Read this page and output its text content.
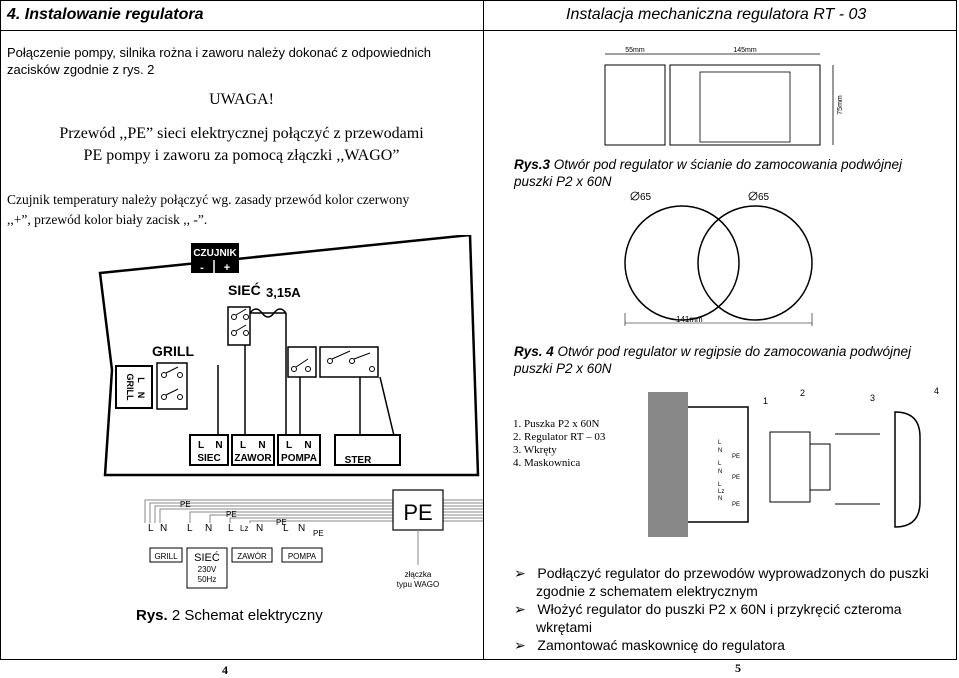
4. Instalowanie regulatora
Połączenie pompy, silnika rożna i zaworu należy dokonać z odpowiednich
zacisków zgodnie z rys. 2
UWAGA!
Przewód ,,PE” sieci elektrycznej połączyć z przewodami
PE pompy i zaworu za pomocą złączki ,,WAGO”
Czujnik temperatury należy połączyć wg. zasady przewód kolor czerwony
,,+”, przewód kolor biały zacisk ,, -”.
CZUJNIK
- +
SIEĆ 3,15A
GRILL
GRILL L
N
L N
SIEC
L N
ZAWOR
L N
POMPA	STER
PE
PE
PE
PE
L N L N L Lz N L N
PE
GRILL SIEĆ
230V
50Hz
ZAWÓR	POMPA
złączka
typu WAGO
Rys. 2 Schemat elektryczny
4
Instalacja mechaniczna regulatora RT - 03
55mm	145mm
75mm
Rys.3 Otwór pod regulator w ścianie do zamocowania podwójnej
puszki P2 x 60N
65	65
141mm
Rys. 4 Otwór pod regulator w regipsie do zamocowania podwójnej
puszki P2 x 60N
1
2	3
4
L
N
PE
L
N
PE
L
Lz
N
PE
1. Puszka P2 x 60N
2. Regulator RT – 03
3. Wkręty
4. Maskownica
➢   Podłączyć regulator do przewodów wyprowadzonych do puszki
zgodnie z schematem elektrycznym
➢   Włożyć regulator do puszki P2 x 60N i przykręcić czteroma
wkrętami
➢   Zamontować maskownicę do regulatora
5
